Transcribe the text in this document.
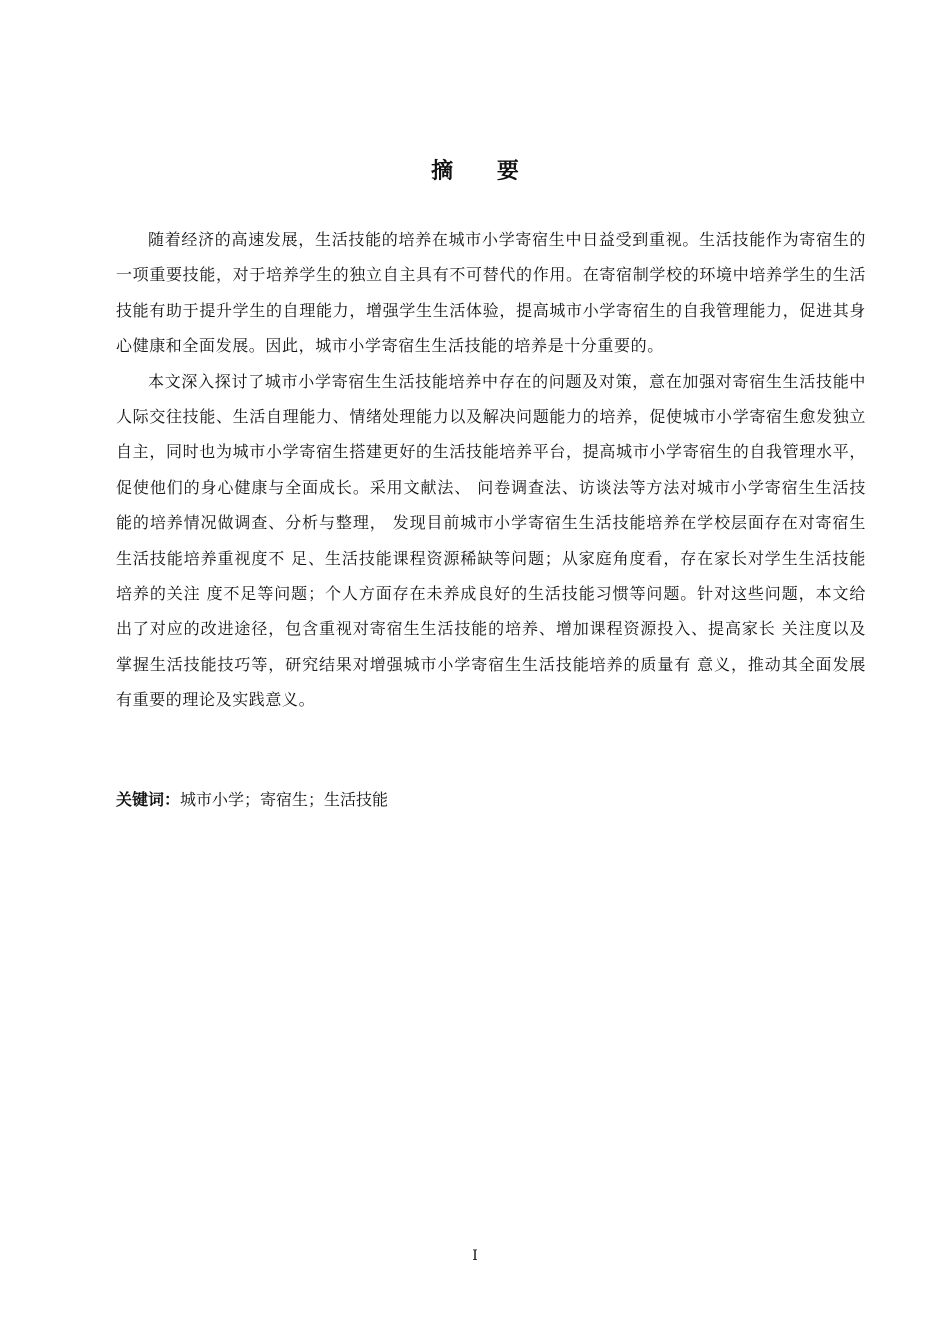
摘 要

随着经济的高速发展，生活技能的培养在城市小学寄宿生中日益受到重视。生活技能作为寄宿生的一项重要技能，对于培养学生的独立自主具有不可替代的作用。在寄宿制学校的环境中培养学生的生活技能有助于提升学生的自理能力，增强学生生活体验，提高城市小学寄宿生的自我管理能力，促进其身心健康和全面发展。因此，城市小学寄宿生生活技能的培养是十分重要的。

本文深入探讨了城市小学寄宿生生活技能培养中存在的问题及对策，意在加强对寄宿生生活技能中人际交往技能、生活自理能力、情绪处理能力以及解决问题能力的培养，促使城市小学寄宿生愈发独立自主，同时也为城市小学寄宿生搭建更好的生活技能培养平台，提高城市小学寄宿生的自我管理水平，促使他们的身心健康与全面成长。采用文献法、 问卷调查法、访谈法等方法对城市小学寄宿生生活技能的培养情况做调查、分析与整理， 发现目前城市小学寄宿生生活技能培养在学校层面存在对寄宿生生活技能培养重视度不 足、生活技能课程资源稀缺等问题；从家庭角度看，存在家长对学生生活技能培养的关注 度不足等问题；个人方面存在未养成良好的生活技能习惯等问题。针对这些问题，本文给 出了对应的改进途径，包含重视对寄宿生生活技能的培养、增加课程资源投入、提高家长 关注度以及掌握生活技能技巧等，研究结果对增强城市小学寄宿生生活技能培养的质量有 意义，推动其全面发展有重要的理论及实践意义。

关键词：城市小学；寄宿生；生活技能

I
